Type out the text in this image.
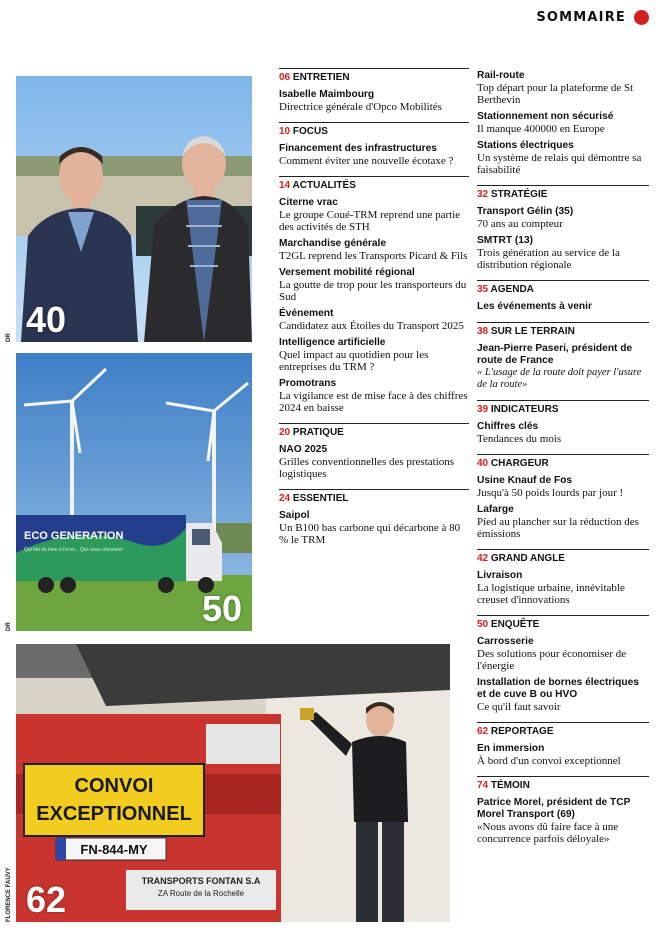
SOMMAIRE
40
DR
ECO GENERATION
Qui fait du bien à l'envi... Qui nous concerne!
50
DR
CONVOI
EXCEPTIONNEL
FN-844-MY
TRANSPORTS FONTAN S.A
ZA Route de la Rochelle
62
FLORENCE FAUVY
06 ENTRETIEN
Isabelle Maimbourg
Directrice générale d'Opco Mobilités
10 FOCUS
Financement des infrastructures
Comment éviter une nouvelle écotaxe ?
14 ACTUALITÉS
Citerne vrac
Le groupe Coué-TRM reprend une partie des activités de STH
Marchandise générale
T2GL reprend les Transports Picard & Fils
Versement mobilité régional
La goutte de trop pour les transporteurs du Sud
Événement
Candidatez aux Étoiles du Transport 2025
Intelligence artificielle
Quel impact au quotidien pour les entreprises du TRM ?
Promotrans
La vigilance est de mise face à des chiffres 2024 en baisse
20 PRATIQUE
NAO 2025
Grilles conventionnelles des prestations logistiques
24 ESSENTIEL
Saipol
Un B100 bas carbone qui décarbone à 80 % le TRM
Rail-route
Top départ pour la plateforme de St Berthevin
Stationnement non sécurisé
Il manque 400000 en Europe
Stations électriques
Un système de relais qui démontre sa faisabilité
32 STRATÉGIE
Transport Gélin (35)
70 ans au compteur
SMTRT (13)
Trois génération au service de la distribution régionale
35 AGENDA
Les événements à venir
38 SUR LE TERRAIN
Jean-Pierre Paseri, président de route de France
« L'usage de la route doit payer l'usure de la route»
39 INDICATEURS
Chiffres clés
Tendances du mois
40 CHARGEUR
Usine Knauf de Fos
Jusqu'à 50 poids lourds par jour !
Lafarge
Pied au plancher sur la réduction des émissions
42 GRAND ANGLE
Livraison
La logistique urbaine, innévitable creuset d'innovations
50 ENQUÊTE
Carrosserie
Des solutions pour économiser de l'énergie
Installation de bornes électriques et de cuve B ou HVO
Ce qu'il faut savoir
62 REPORTAGE
En immersion
À bord d'un convoi exceptionnel
74 TÉMOIN
Patrice Morel, président de TCP Morel Transport (69)
«Nous avons dû faire face à une concurrence parfois déloyale»
